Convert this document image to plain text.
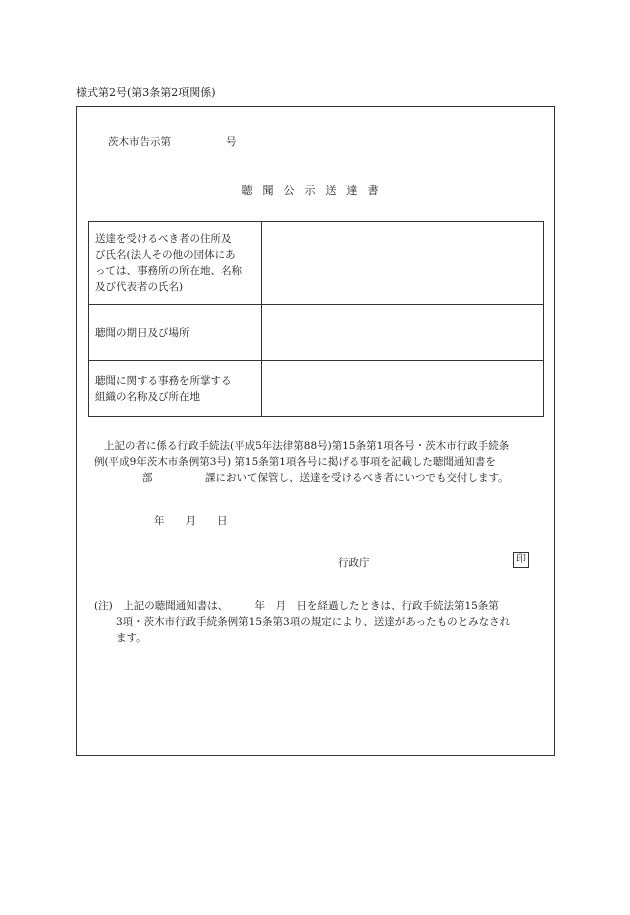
様式第2号(第3条第2項関係)
茨木市告示第	号
聴聞公示送達書
送達を受けるべき者の住所及
び氏名(法人その他の団体にあ
っては、事務所の所在地、名称
及び代表者の氏名)	

聴聞の期日及び場所	

聴聞に関する事務を所掌する
組織の名称及び所在地	

上記の者に係る行政手続法(平成5年法律第88号)第15条第1項各号・茨木市行政手続条
例(平成9年茨木市条例第3号) 第15条第1項各号に掲げる事項を記載した聴聞通知書を
部　　　　　課において保管し、送達を受けるべき者にいつでも交付します。
年　　月　　日
行政庁	印
(注)　上記の聴聞通知書は、　　　年　月　日を経過したときは、行政手続法第15条第
3項・茨木市行政手続条例第15条第3項の規定により、送達があったものとみなされ
ます。
